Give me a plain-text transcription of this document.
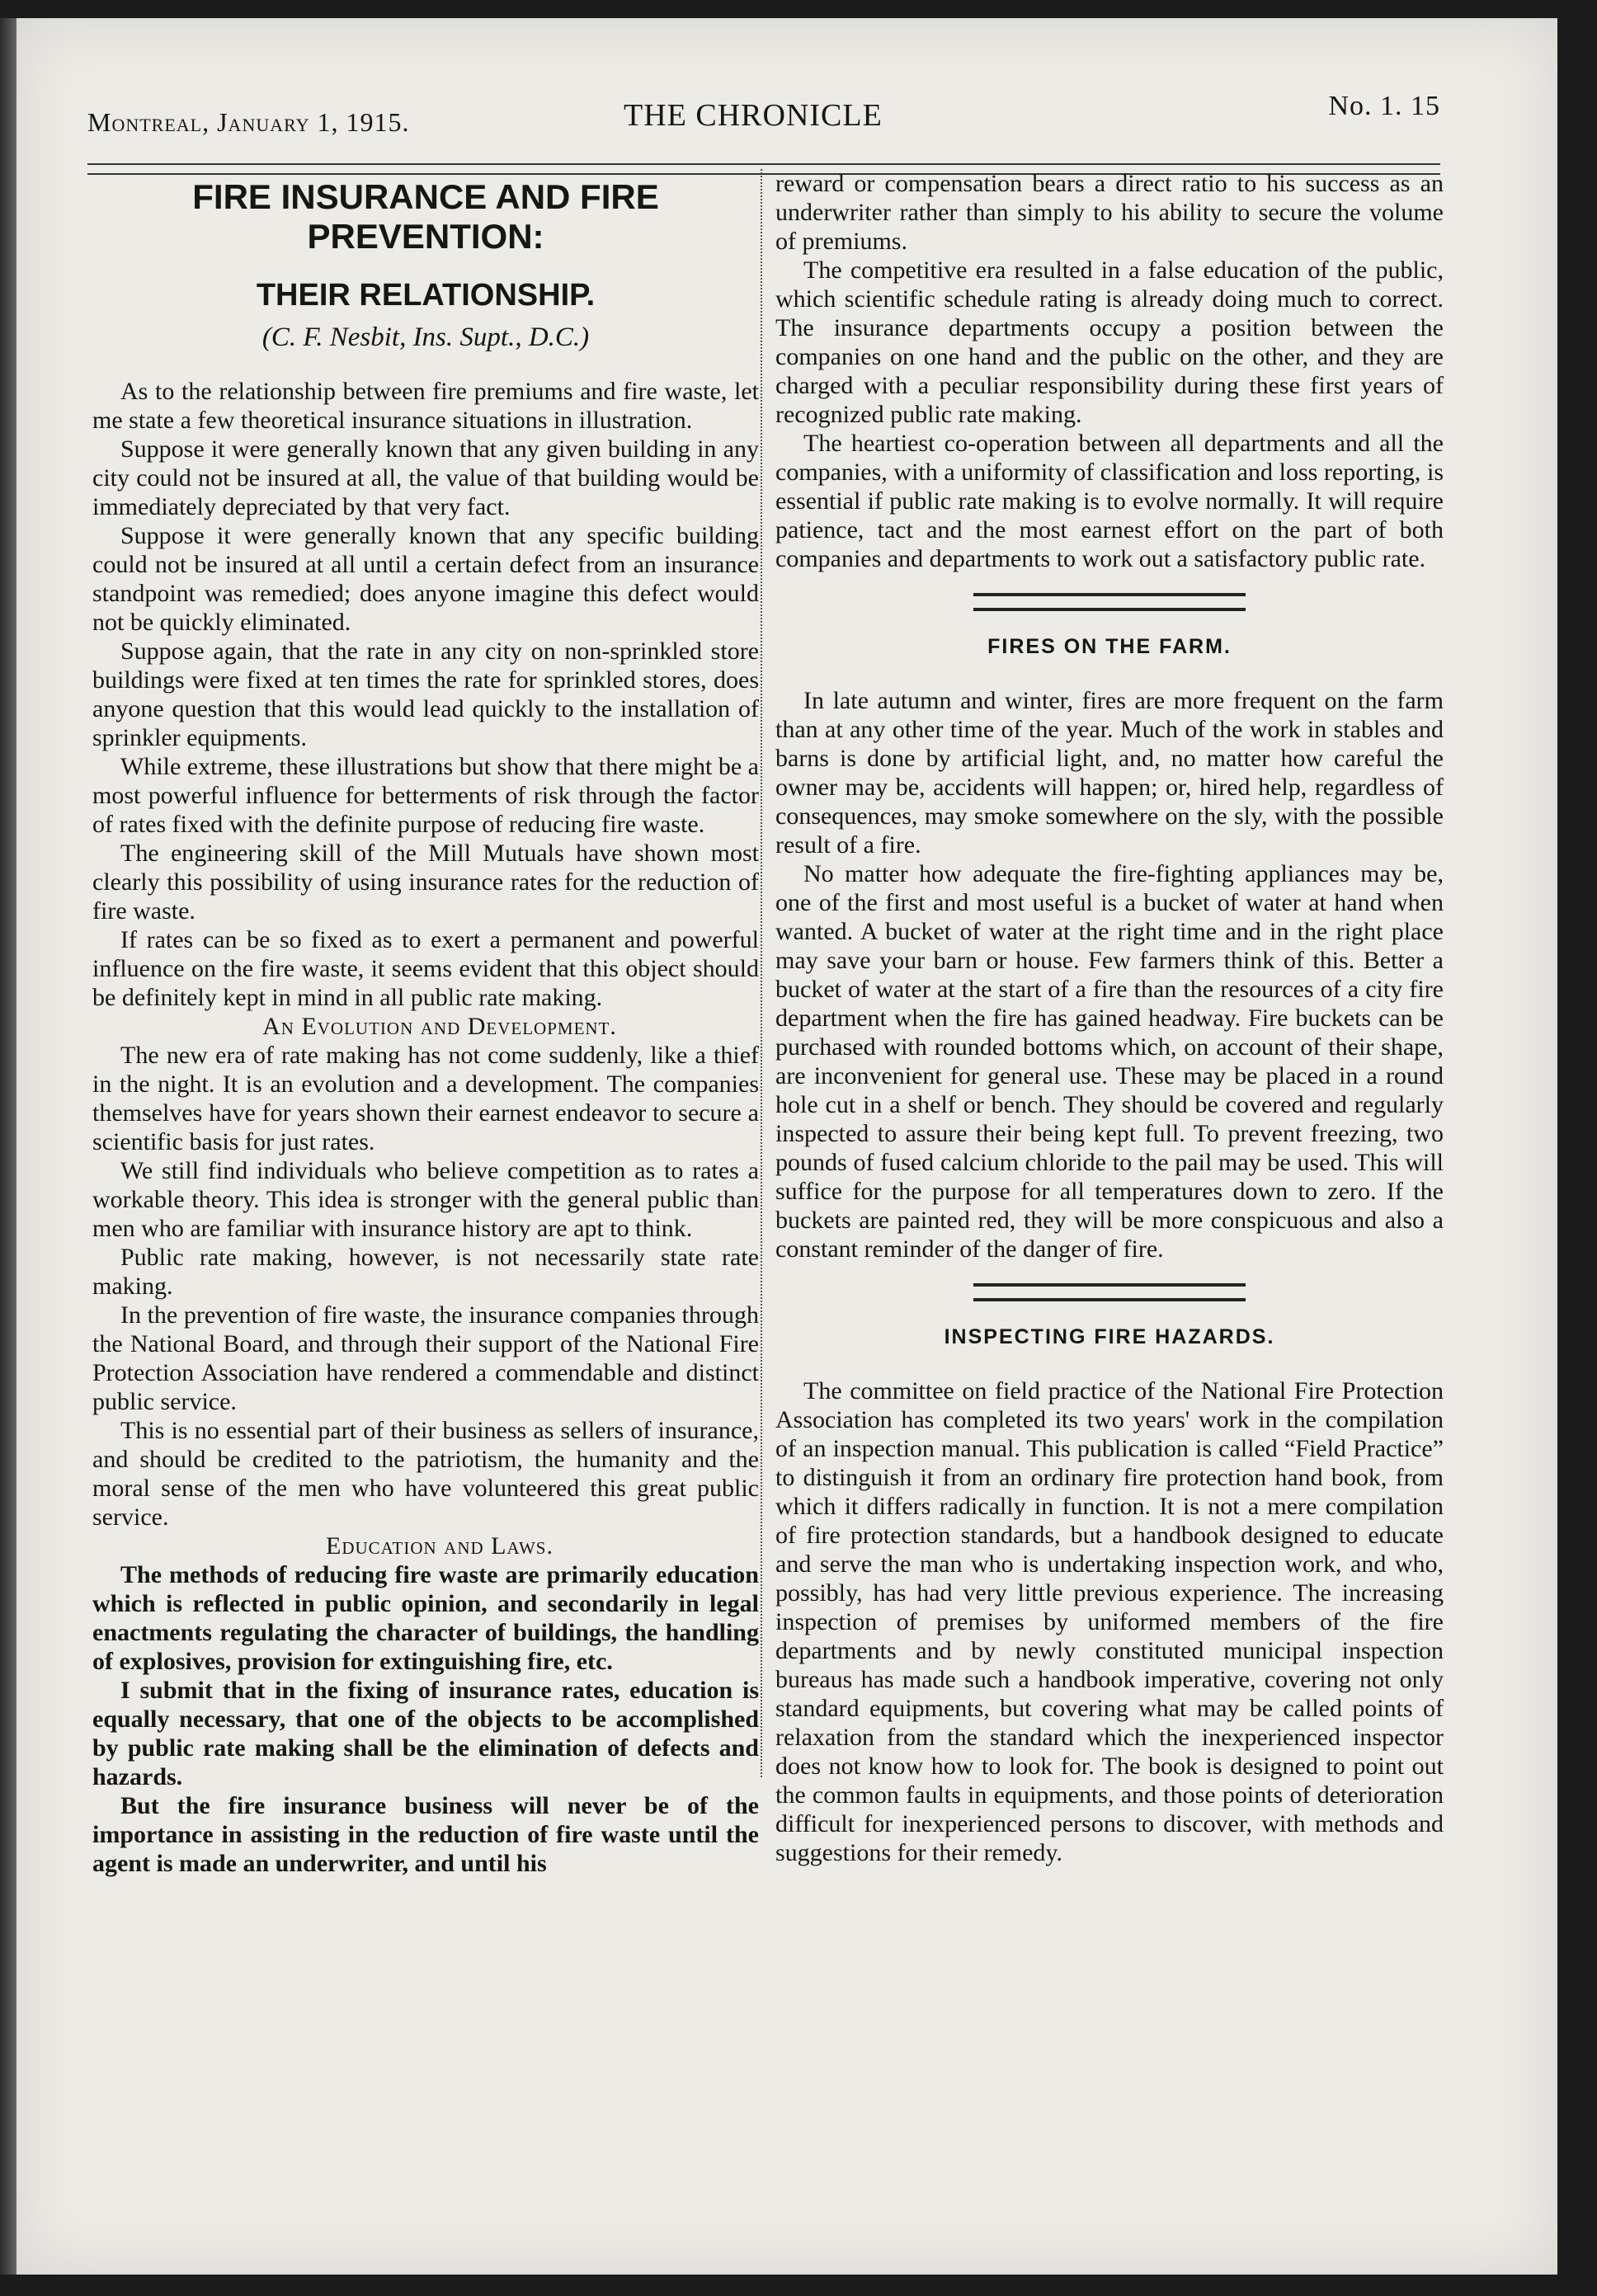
Montreal, January 1, 1915.	THE CHRONICLE	No. 1. 15
FIRE INSURANCE AND FIRE PREVENTION:
THEIR RELATIONSHIP.
(C. F. Nesbit, Ins. Supt., D.C.)

As to the relationship between fire premiums and fire waste, let me state a few theoretical insurance situations in illustration.

Suppose it were generally known that any given building in any city could not be insured at all, the value of that building would be immediately depreciated by that very fact.

Suppose it were generally known that any specific building could not be insured at all until a certain defect from an insurance standpoint was remedied; does anyone imagine this defect would not be quickly eliminated.

Suppose again, that the rate in any city on non-sprinkled store buildings were fixed at ten times the rate for sprinkled stores, does anyone question that this would lead quickly to the installation of sprinkler equipments.

While extreme, these illustrations but show that there might be a most powerful influence for betterments of risk through the factor of rates fixed with the definite purpose of reducing fire waste.

The engineering skill of the Mill Mutuals have shown most clearly this possibility of using insurance rates for the reduction of fire waste.

If rates can be so fixed as to exert a permanent and powerful influence on the fire waste, it seems evident that this object should be definitely kept in mind in all public rate making.

An Evolution and Development.

The new era of rate making has not come suddenly, like a thief in the night. It is an evolution and a development. The companies themselves have for years shown their earnest endeavor to secure a scientific basis for just rates.

We still find individuals who believe competition as to rates a workable theory. This idea is stronger with the general public than men who are familiar with insurance history are apt to think.

Public rate making, however, is not necessarily state rate making.

In the prevention of fire waste, the insurance companies through the National Board, and through their support of the National Fire Protection Association have rendered a commendable and distinct public service.

This is no essential part of their business as sellers of insurance, and should be credited to the patriotism, the humanity and the moral sense of the men who have volunteered this great public service.

Education and Laws.

The methods of reducing fire waste are primarily education which is reflected in public opinion, and secondarily in legal enactments regulating the character of buildings, the handling of explosives, provision for extinguishing fire, etc.

I submit that in the fixing of insurance rates, education is equally necessary, that one of the objects to be accomplished by public rate making shall be the elimination of defects and hazards.

But the fire insurance business will never be of the importance in assisting in the reduction of fire waste until the agent is made an underwriter, and until his

reward or compensation bears a direct ratio to his success as an underwriter rather than simply to his ability to secure the volume of premiums.

The competitive era resulted in a false education of the public, which scientific schedule rating is already doing much to correct. The insurance departments occupy a position between the companies on one hand and the public on the other, and they are charged with a peculiar responsibility during these first years of recognized public rate making.

The heartiest co-operation between all departments and all the companies, with a uniformity of classification and loss reporting, is essential if public rate making is to evolve normally. It will require patience, tact and the most earnest effort on the part of both companies and departments to work out a satisfactory public rate.

FIRES ON THE FARM.

In late autumn and winter, fires are more frequent on the farm than at any other time of the year. Much of the work in stables and barns is done by artificial light, and, no matter how careful the owner may be, accidents will happen; or, hired help, regardless of consequences, may smoke somewhere on the sly, with the possible result of a fire.

No matter how adequate the fire-fighting appliances may be, one of the first and most useful is a bucket of water at hand when wanted. A bucket of water at the right time and in the right place may save your barn or house. Few farmers think of this. Better a bucket of water at the start of a fire than the resources of a city fire department when the fire has gained headway. Fire buckets can be purchased with rounded bottoms which, on account of their shape, are inconvenient for general use. These may be placed in a round hole cut in a shelf or bench. They should be covered and regularly inspected to assure their being kept full. To prevent freezing, two pounds of fused calcium chloride to the pail may be used. This will suffice for the purpose for all temperatures down to zero. If the buckets are painted red, they will be more conspicuous and also a constant reminder of the danger of fire.

INSPECTING FIRE HAZARDS.

The committee on field practice of the National Fire Protection Association has completed its two years' work in the compilation of an inspection manual. This publication is called “Field Practice” to distinguish it from an ordinary fire protection hand book, from which it differs radically in function. It is not a mere compilation of fire protection standards, but a handbook designed to educate and serve the man who is undertaking inspection work, and who, possibly, has had very little previous experience. The increasing inspection of premises by uniformed members of the fire departments and by newly constituted municipal inspection bureaus has made such a handbook imperative, covering not only standard equipments, but covering what may be called points of relaxation from the standard which the inexperienced inspector does not know how to look for. The book is designed to point out the common faults in equipments, and those points of deterioration difficult for inexperienced persons to discover, with methods and suggestions for their remedy.
